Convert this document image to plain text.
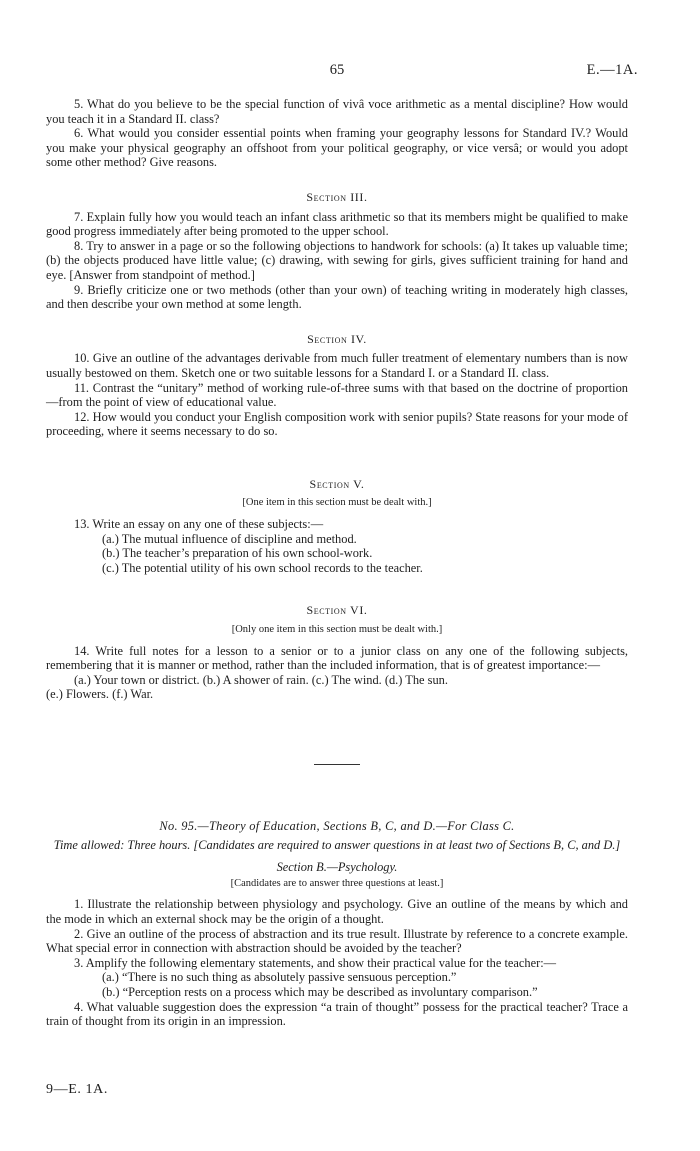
65	E.—1A.

5. What do you believe to be the special function of vivâ voce arithmetic as a mental discipline? How would you teach it in a Standard II. class?

6. What would you consider essential points when framing your geography lessons for Standard IV.? Would you make your physical geography an offshoot from your political geography, or vice versâ; or would you adopt some other method? Give reasons.

Section III.

7. Explain fully how you would teach an infant class arithmetic so that its members might be qualified to make good progress immediately after being promoted to the upper school.

8. Try to answer in a page or so the following objections to handwork for schools: (a) It takes up valuable time; (b) the objects produced have little value; (c) drawing, with sewing for girls, gives sufficient training for hand and eye. [Answer from standpoint of method.]

9. Briefly criticize one or two methods (other than your own) of teaching writing in moderately high classes, and then describe your own method at some length.

Section IV.

10. Give an outline of the advantages derivable from much fuller treatment of elementary numbers than is now usually bestowed on them. Sketch one or two suitable lessons for a Standard I. or a Standard II. class.

11. Contrast the “unitary” method of working rule-of-three sums with that based on the doctrine of proportion—from the point of view of educational value.

12. How would you conduct your English composition work with senior pupils? State reasons for your mode of proceeding, where it seems necessary to do so.

Section V.
[One item in this section must be dealt with.]

13. Write an essay on any one of these subjects:—

(a.) The mutual influence of discipline and method.

(b.) The teacher’s preparation of his own school-work.

(c.) The potential utility of his own school records to the teacher.

Section VI.
[Only one item in this section must be dealt with.]

14. Write full notes for a lesson to a senior or to a junior class on any one of the following subjects, remembering that it is manner or method, rather than the included information, that is of greatest importance:—

(a.) Your town or district. (b.) A shower of rain. (c.) The wind. (d.) The sun.

(e.) Flowers. (f.) War.

No. 95.—Theory of Education, Sections B, C, and D.—For Class C.
Time allowed: Three hours. [Candidates are required to answer questions in at least two of Sections B, C, and D.]
Section B.—Psychology.
[Candidates are to answer three questions at least.]

1. Illustrate the relationship between physiology and psychology. Give an outline of the means by which and the mode in which an external shock may be the origin of a thought.

2. Give an outline of the process of abstraction and its true result. Illustrate by reference to a concrete example. What special error in connection with abstraction should be avoided by the teacher?

3. Amplify the following elementary statements, and show their practical value for the teacher:—

(a.) “There is no such thing as absolutely passive sensuous perception.”

(b.) “Perception rests on a process which may be described as involuntary comparison.”

4. What valuable suggestion does the expression “a train of thought” possess for the practical teacher? Trace a train of thought from its origin in an impression.

9—E. 1A.
